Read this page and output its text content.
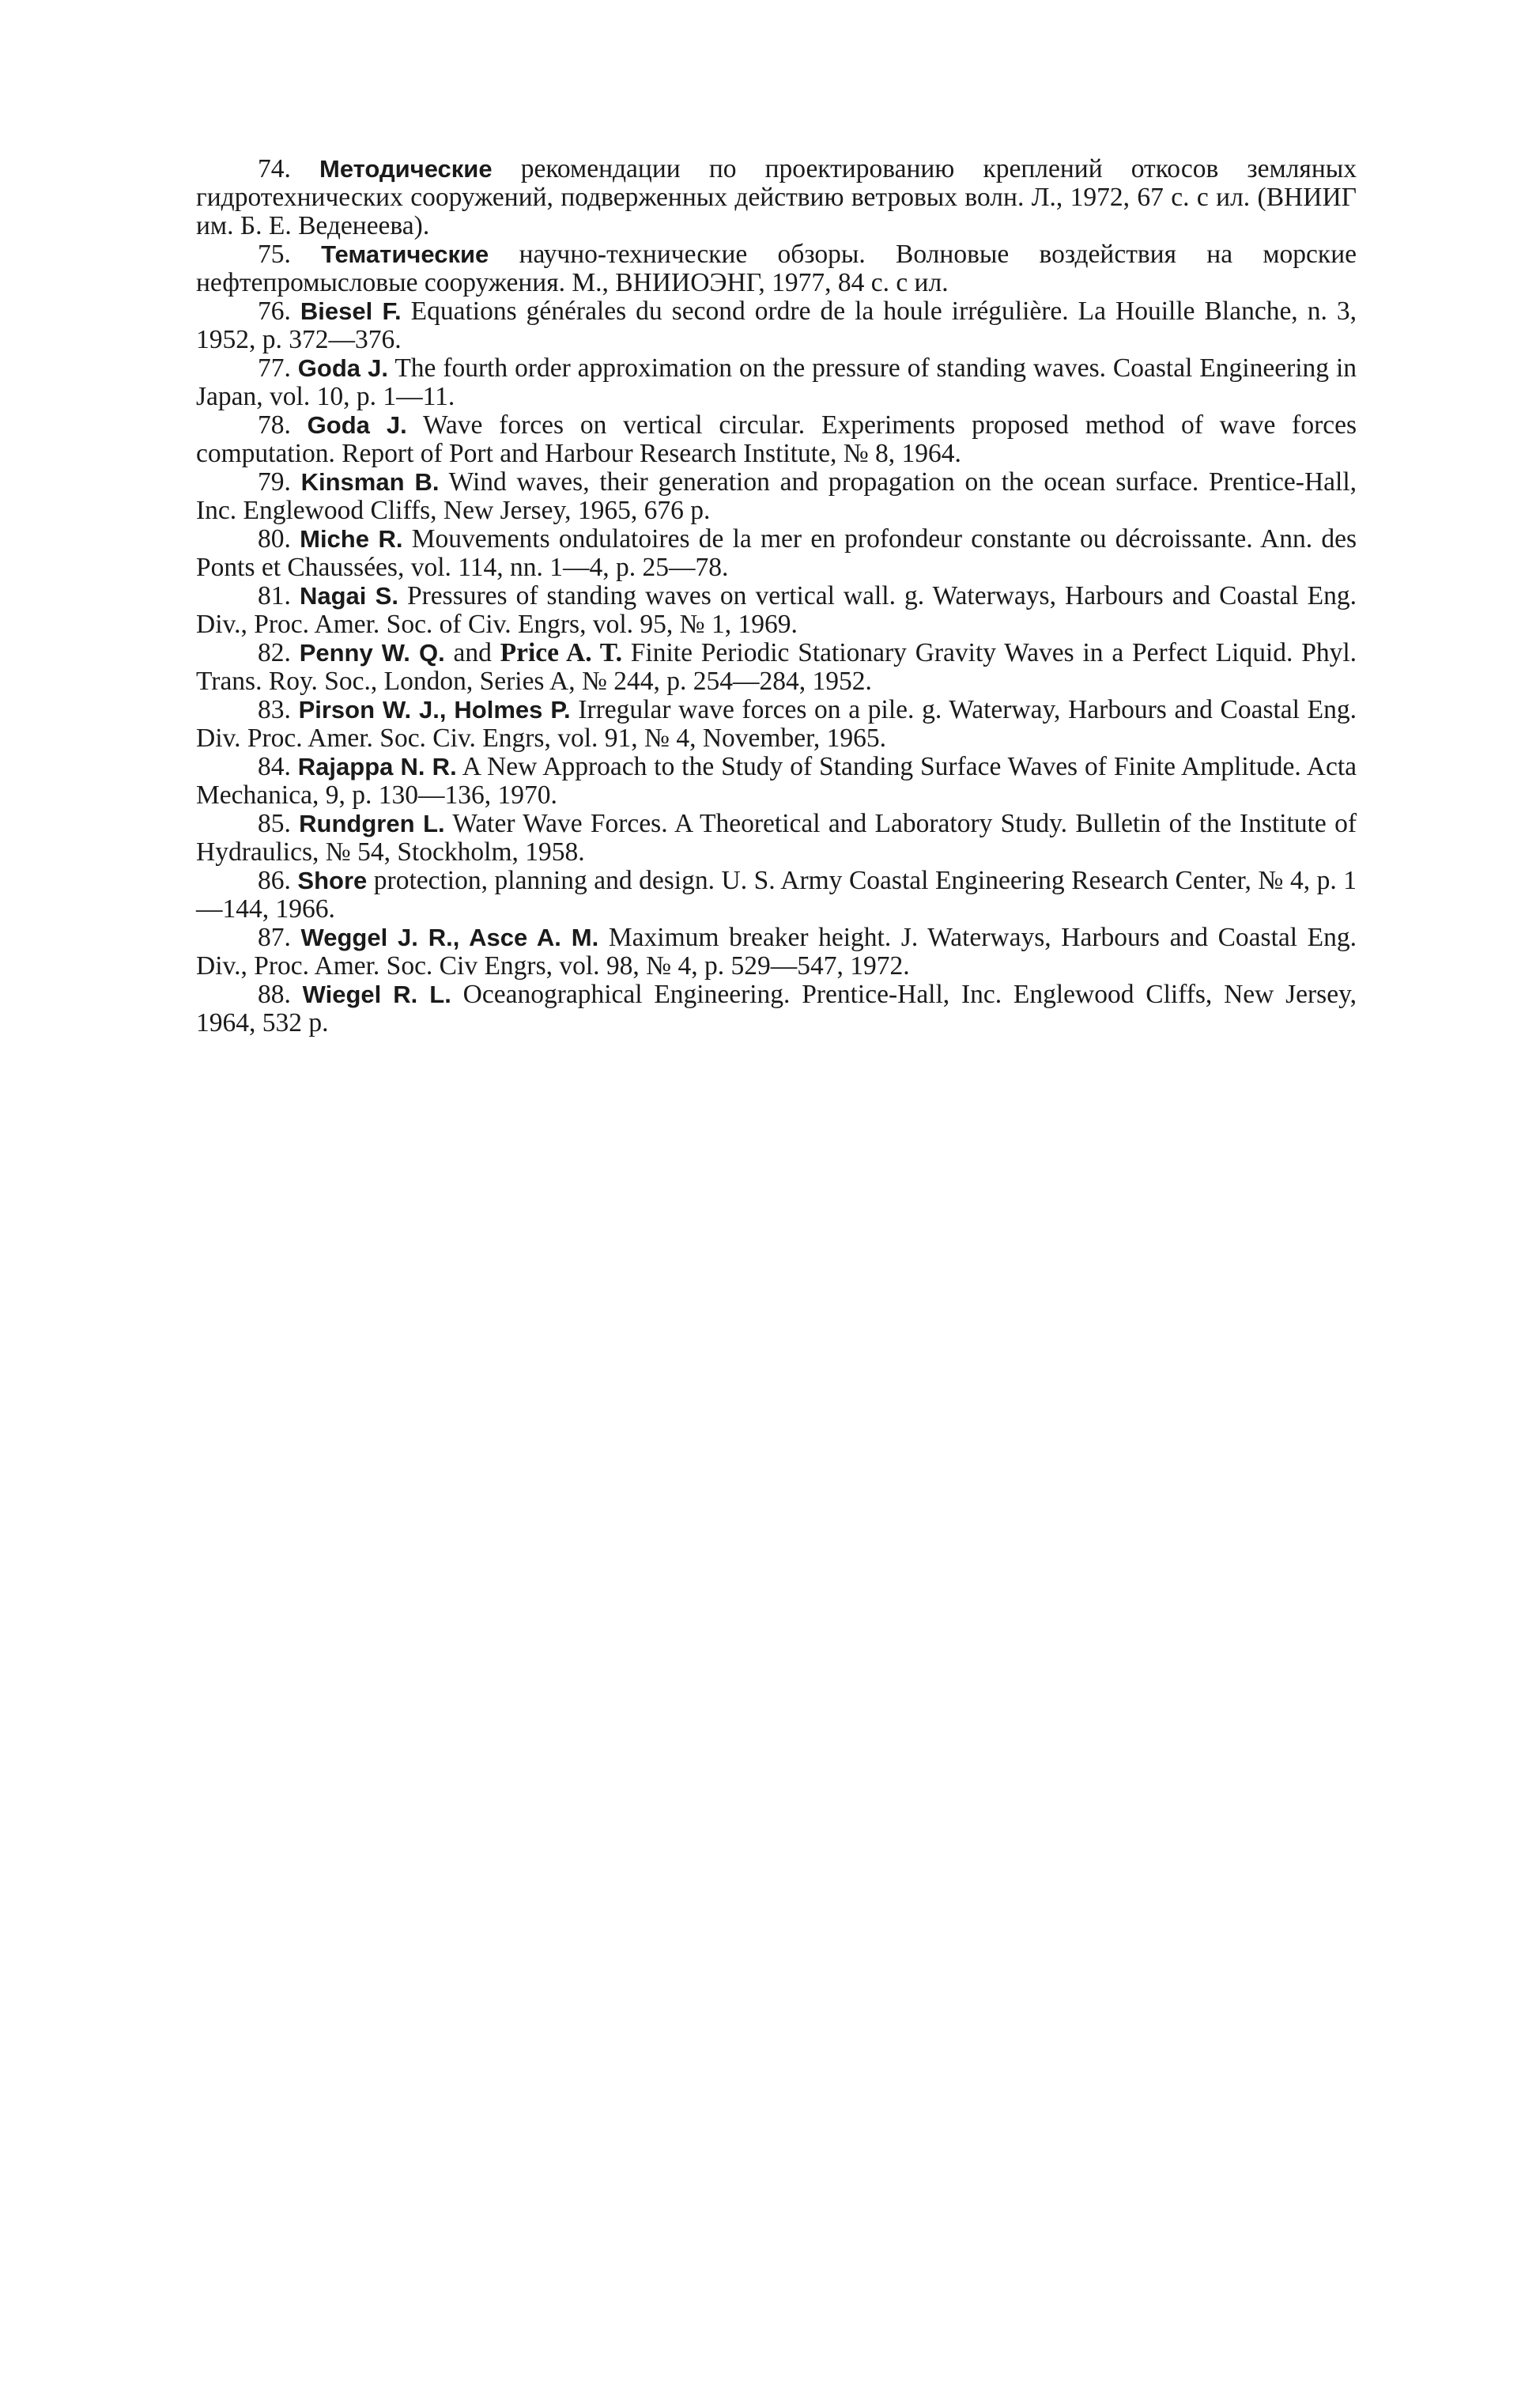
74. Методические рекомендации по проектированию креплений откосов земляных гидротехнических сооружений, подверженных действию ветровых волн. Л., 1972, 67 с. с ил. (ВНИИГ им. Б. Е. Веденеева).

75. Тематические научно-технические обзоры. Волновые воздействия на морские нефтепромысловые сооружения. М., ВНИИОЭНГ, 1977, 84 с. с ил.

76. Biesel F. Equations générales du second ordre de la houle irrégulière. La Houille Blanche, n. 3, 1952, p. 372—376.

77. Goda J. The fourth order approximation on the pressure of standing waves. Coastal Engineering in Japan, vol. 10, p. 1—11.

78. Goda J. Wave forces on vertical circular. Experiments proposed method of wave forces computation. Report of Port and Harbour Research Institute, № 8, 1964.

79. Kinsman B. Wind waves, their generation and propagation on the ocean surface. Prentice-Hall, Inc. Englewood Cliffs, New Jersey, 1965, 676 p.

80. Miche R. Mouvements ondulatoires de la mer en profondeur constante ou décroissante. Ann. des Ponts et Chaussées, vol. 114, nn. 1—4, p. 25—78.

81. Nagai S. Pressures of standing waves on vertical wall. g. Waterways, Harbours and Coastal Eng. Div., Proc. Amer. Soc. of Civ. Engrs, vol. 95, № 1, 1969.

82. Penny W. Q. and Price A. T. Finite Periodic Stationary Gravity Waves in a Perfect Liquid. Phyl. Trans. Roy. Soc., London, Series A, № 244, p. 254—284, 1952.

83. Pirson W. J., Holmes P. Irregular wave forces on a pile. g. Waterway, Harbours and Coastal Eng. Div. Proc. Amer. Soc. Civ. Engrs, vol. 91, № 4, November, 1965.

84. Rajappa N. R. A New Approach to the Study of Standing Surface Waves of Finite Amplitude. Acta Mechanica, 9, p. 130—136, 1970.

85. Rundgren L. Water Wave Forces. A Theoretical and Laboratory Study. Bulletin of the Institute of Hydraulics, № 54, Stockholm, 1958.

86. Shore protection, planning and design. U. S. Army Coastal Engineering Research Center, № 4, p. 1—144, 1966.

87. Weggel J. R., Asce A. M. Maximum breaker height. J. Waterways, Harbours and Coastal Eng. Div., Proc. Amer. Soc. Civ Engrs, vol. 98, № 4, p. 529—547, 1972.

88. Wiegel R. L. Oceanographical Engineering. Prentice-Hall, Inc. Englewood Cliffs, New Jersey, 1964, 532 p.
